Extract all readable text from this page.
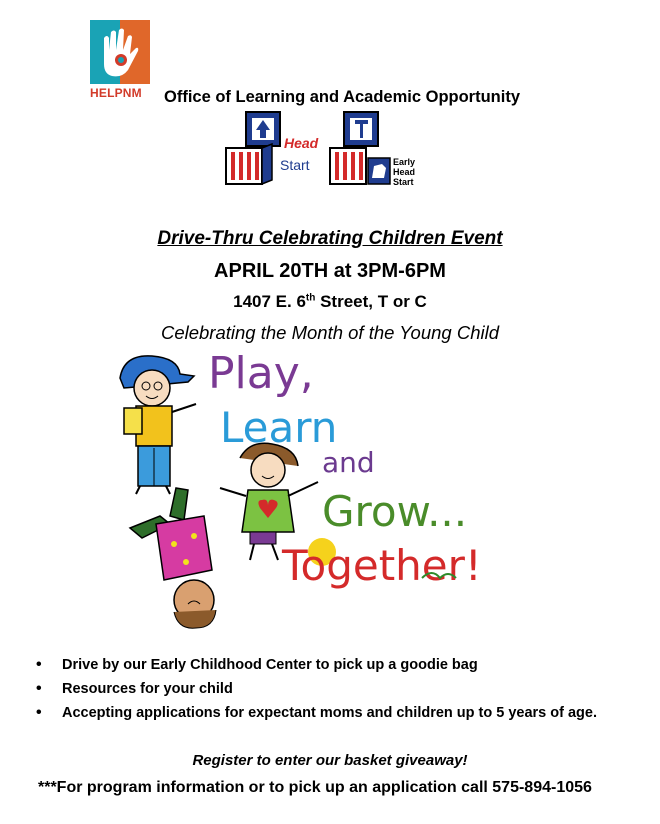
HELPNM Office of Learning and Academic Opportunity
Head
Start	Early
Head
Start
Drive-Thru Celebrating Children Event
APRIL 20TH at 3PM-6PM
1407 E. 6th Street, T or C
Celebrating the Month of the Young Child
Play,
Learn
and
Grow...
Together!
• Drive by our Early Childhood Center to pick up a goodie bag
• Resources for your child
• Accepting applications for expectant moms and children up to 5 years of age.
Register to enter our basket giveaway!
***For program information or to pick up an application call 575-894-1056
